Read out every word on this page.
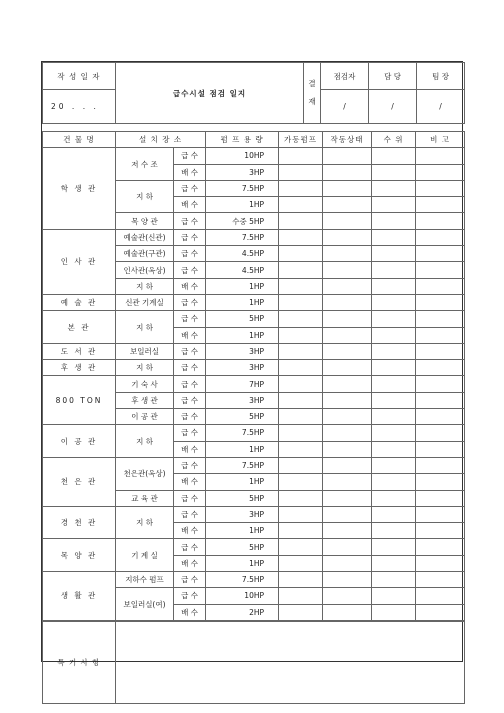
작 성 일 자	급수시설 점검 일지	결
재	점검자	담 당	팀 장
20 . . .			/	/	/
건 물 명	설 치 장 소		펌 프 용 량	가동펌프	작동상태	수 위	비 고
학 생 관	저 수 조	급 수	10HP				
		배 수	3HP				
	지 하	급 수	7.5HP				
		배 수	1HP				
	목 양 관	급 수	수중 5HP				
인 사 관	예술관(신관)	급 수	7.5HP				
	예술관(구관)	급 수	4.5HP				
	인사관(옥상)	급 수	4.5HP				
	지 하	배 수	1HP				
예 술 관	신관 기계실	급 수	1HP				
본 관	지 하	급 수	5HP				
		배 수	1HP				
도 서 관	보일러실	급 수	3HP				
후 생 관	지 하	급 수	3HP				
800 TON	기 숙 사	급 수	7HP				
	후 생 관	급 수	3HP				
	이 공 관	급 수	5HP				
이 공 관	지 하	급 수	7.5HP				
		배 수	1HP				
천 은 관	천은관(옥상)	급 수	7.5HP				
		배 수	1HP				
	교 육 관	급 수	5HP				
경 천 관	지 하	급 수	3HP				
		배 수	1HP				
목 양 관	기 계 실	급 수	5HP				
		배 수	1HP				
생 활 관	지하수 펌프	급 수	7.5HP				
	보일러실(여)	급 수	10HP				
		배 수	2HP				
특 기 사 항	
